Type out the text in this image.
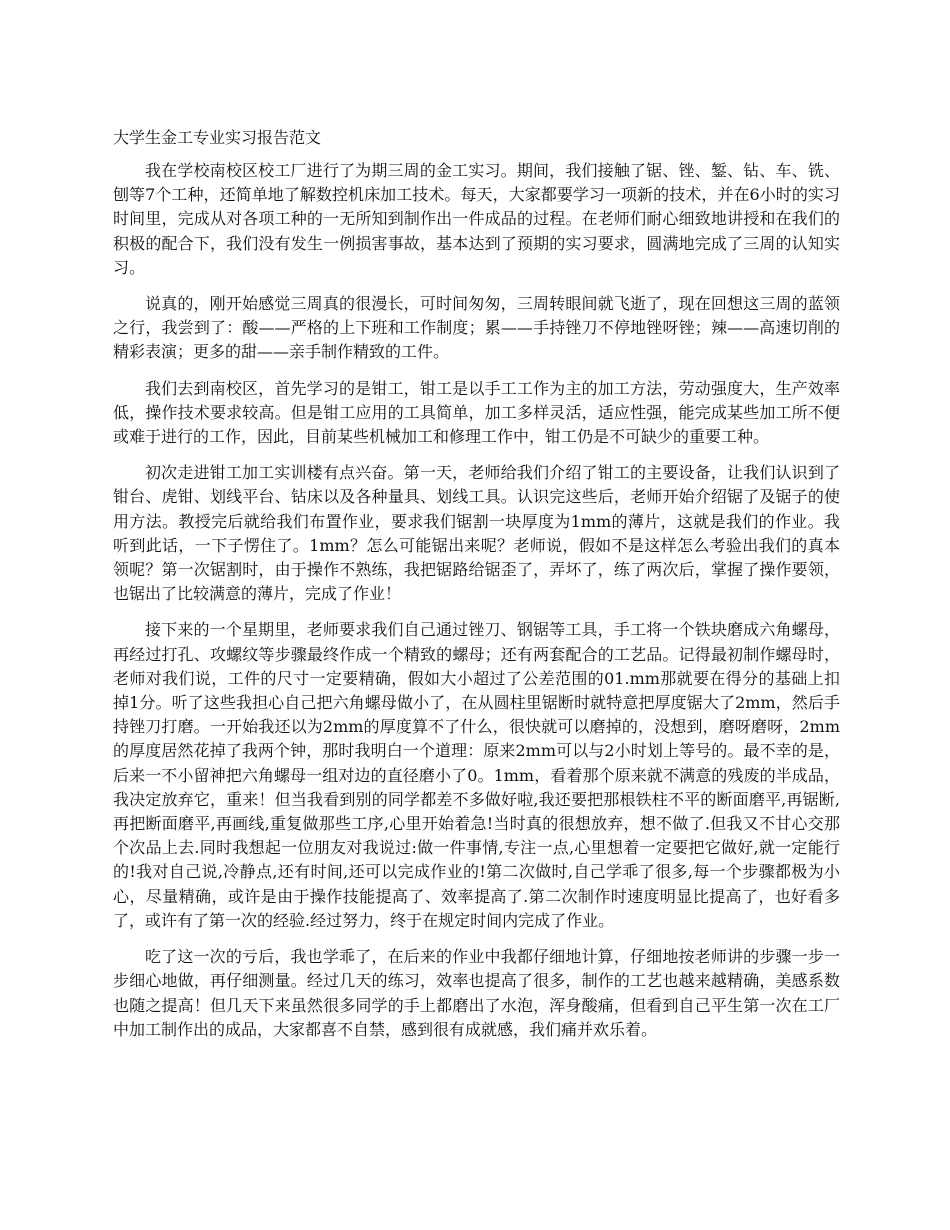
大学生金工专业实习报告范文

我在学校南校区校工厂进行了为期三周的金工实习。期间，我们接触了锯、锉、錾、钻、车、铣、刨等7个工种，还简单地了解数控机床加工技术。每天，大家都要学习一项新的技术，并在6小时的实习时间里，完成从对各项工种的一无所知到制作出一件成品的过程。在老师们耐心细致地讲授和在我们的积极的配合下，我们没有发生一例损害事故，基本达到了预期的实习要求，圆满地完成了三周的认知实习。

说真的，刚开始感觉三周真的很漫长，可时间匆匆，三周转眼间就飞逝了，现在回想这三周的蓝领之行，我尝到了：酸——严格的上下班和工作制度；累——手持锉刀不停地锉呀锉；辣——高速切削的精彩表演；更多的甜——亲手制作精致的工件。

我们去到南校区，首先学习的是钳工，钳工是以手工工作为主的加工方法，劳动强度大，生产效率低，操作技术要求较高。但是钳工应用的工具简单，加工多样灵活，适应性强，能完成某些加工所不便或难于进行的工作，因此，目前某些机械加工和修理工作中，钳工仍是不可缺少的重要工种。

初次走进钳工加工实训楼有点兴奋。第一天，老师给我们介绍了钳工的主要设备，让我们认识到了钳台、虎钳、划线平台、钻床以及各种量具、划线工具。认识完这些后，老师开始介绍锯了及锯子的使用方法。教授完后就给我们布置作业，要求我们锯割一块厚度为1mm的薄片，这就是我们的作业。我听到此话，一下子愣住了。1mm？怎么可能锯出来呢？老师说，假如不是这样怎么考验出我们的真本领呢？第一次锯割时，由于操作不熟练，我把锯路给锯歪了，弄坏了，练了两次后，掌握了操作要领，也锯出了比较满意的薄片，完成了作业！

接下来的一个星期里，老师要求我们自己通过锉刀、钢锯等工具，手工将一个铁块磨成六角螺母，再经过打孔、攻螺纹等步骤最终作成一个精致的螺母；还有两套配合的工艺品。记得最初制作螺母时，老师对我们说，工件的尺寸一定要精确，假如大小超过了公差范围的01.mm那就要在得分的基础上扣掉1分。听了这些我担心自己把六角螺母做小了，在从圆柱里锯断时就特意把厚度锯大了2mm，然后手持锉刀打磨。一开始我还以为2mm的厚度算不了什么，很快就可以磨掉的，没想到，磨呀磨呀，2mm的厚度居然花掉了我两个钟，那时我明白一个道理：原来2mm可以与2小时划上等号的。最不幸的是，后来一不小留神把六角螺母一组对边的直径磨小了0。1mm，看着那个原来就不满意的残废的半成品，我决定放弃它，重来！但当我看到别的同学都差不多做好啦,我还要把那根铁柱不平的断面磨平,再锯断,再把断面磨平,再画线,重复做那些工序,心里开始着急!当时真的很想放弃，想不做了.但我又不甘心交那个次品上去.同时我想起一位朋友对我说过:做一件事情,专注一点,心里想着一定要把它做好,就一定能行的!我对自己说,冷静点,还有时间,还可以完成作业的!第二次做时,自己学乖了很多,每一个步骤都极为小心，尽量精确，或许是由于操作技能提高了、效率提高了.第二次制作时速度明显比提高了，也好看多了，或许有了第一次的经验.经过努力，终于在规定时间内完成了作业。

吃了这一次的亏后，我也学乖了，在后来的作业中我都仔细地计算，仔细地按老师讲的步骤一步一步细心地做，再仔细测量。经过几天的练习，效率也提高了很多，制作的工艺也越来越精确，美感系数也随之提高！但几天下来虽然很多同学的手上都磨出了水泡，浑身酸痛，但看到自己平生第一次在工厂中加工制作出的成品，大家都喜不自禁，感到很有成就感，我们痛并欢乐着。
